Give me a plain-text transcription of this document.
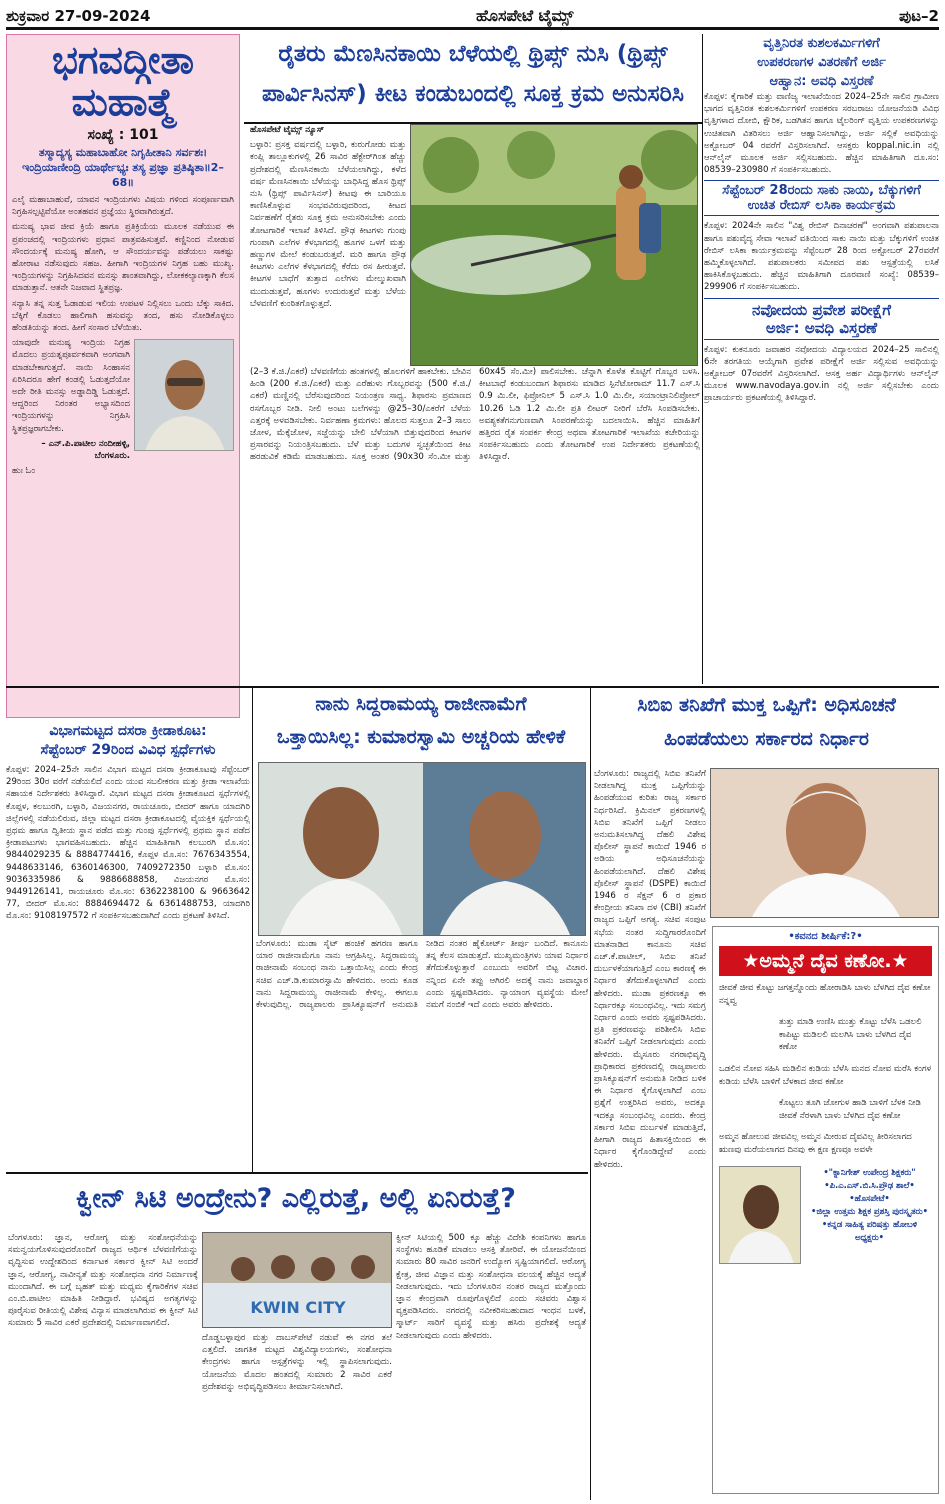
ಶುಕ್ರವಾರ 27-09-2024	ಹೊಸಪೇಟೆ ಟೈಮ್ಸ್	ಪುಟ–2
ಭಗವದ್ಗೀತಾ
ಮಹಾತ್ಮೆ
ಸಂಖ್ಯೆ : 101
ತಸ್ಮಾದ್ಯಸ್ಯ ಮಹಾಬಾಹೋ ನಿಗೃಹೀತಾನಿ ಸರ್ವಶಃ। ಇಂದ್ರಿಯಾಣೀಂದ್ರಿ ಯಾರ್ಥೇಭ್ಯಃ ತಸ್ಯ ಪ್ರಜ್ಞಾ ಪ್ರತಿಷ್ಠಿತಾ॥2–68॥

ಎಲೈ ಮಹಾಬಾಹುವೆ, ಯಾವನ ಇಂದ್ರಿಯಗಳು ವಿಷಯ ಗಳಿಂದ ಸಂಪೂರ್ಣವಾಗಿ ನಿಗ್ರಹಿಸಲ್ಪಟ್ಟಿವೆಯೋ ಅಂತಹವನ ಪ್ರಜ್ಞೆಯು ಸ್ಥಿರವಾಗಿರುತ್ತದೆ.

ಮನುಷ್ಯ ಭಾವ ಜೀವ ಕ್ರಿಯೆ ಹಾಗೂ ಪ್ರತಿಕ್ರಿಯೆಯ ಮೂಲಕ ನಡೆಯುವ ಈ ಪ್ರಪಂಚದಲ್ಲಿ ಇಂದ್ರಿಯಗಳು ಪ್ರಧಾನ ಪಾತ್ರವಹಿಸುತ್ತವೆ. ಕಣ್ಣಿನಿಂದ ನೋಡುವ ಸೌಂದರ್ಯಕ್ಕೆ ಮನುಷ್ಯ ಹೋಗಿ, ಆ ಸೌಂದರ್ಯವನ್ನು ಪಡೆಯಲು ಸಾಕಷ್ಟು ಹೋರಾಟ ನಡೆಸುವುದು ಸಹಜ. ಹೀಗಾಗಿ ಇಂದ್ರಿಯಗಳ ನಿಗ್ರಹ ಬಹು ಮುಖ್ಯ. ಇಂದ್ರಿಯಗಳನ್ನು ನಿಗ್ರಹಿಸಿದವನ ಮನಸ್ಸು ಶಾಂತವಾಗಿದ್ದು, ಲೋಕಕಲ್ಯಾಣಕ್ಕಾಗಿ ಕೆಲಸ ಮಾಡುತ್ತಾನೆ. ಆತನೇ ನಿಜವಾದ ಸ್ಥಿತಪ್ರಜ್ಞ.

ಸನ್ಯಾಸಿ ತನ್ನ ಸುತ್ತ ಓಡಾಡುವ ಇಲಿಯ ಉಪಟಳ ನಿಲ್ಲಿಸಲು ಒಂದು ಬೆಕ್ಕು ಸಾಕಿದ. ಬೆಕ್ಕಿಗೆ ಕೊಡಲು ಹಾಲಿಗಾಗಿ ಹಸುವನ್ನು ತಂದ, ಹಸು ನೋಡಿಕೊಳ್ಳಲು ಹೆಂಡತಿಯನ್ನು ತಂದ. ಹೀಗೆ ಸಂಸಾರ ಬೆಳೆಯಿತು.

ಯಾವುದೇ ಮನುಷ್ಯ ಇಂದ್ರಿಯ ನಿಗ್ರಹ ಮೊದಲು ಪ್ರಯತ್ನಪೂರ್ವಕವಾಗಿ ಅಂಗವಾಗಿ ಮಾಡಬೇಕಾಗುತ್ತದೆ. ನಾಯಿ ಸಿಂಹಾಸನ ಏರಿಸಿದರೂ ಹೇಗೆ ಕಂಡಲ್ಲಿ ಓಡುತ್ತದೆಯೋ ಅದೇ ರೀತಿ ಮನಸ್ಸು ಅಡ್ಡಾದಿಡ್ಡಿ ಓಡುತ್ತದೆ. ಆದ್ದರಿಂದ ನಿರಂತರ ಅಭ್ಯಾಸದಿಂದ ಇಂದ್ರಿಯಗಳನ್ನು ನಿಗ್ರಹಿಸಿ ಸ್ಥಿತಪ್ರಜ್ಞರಾಗಬೇಕು.

– ಎನ್.ಪಿ.ಪಾಟೀಲ ನಂದೀಹಳ್ಳಿ, ಬೆಂಗಳೂರು.

ಹುಃ ಓಂ

ರೈತರು ಮೆಣಸಿನಕಾಯಿ ಬೆಳೆಯಲ್ಲಿ ಥ್ರಿಪ್ಸ್ ನುಸಿ (ಥ್ರಿಪ್ಸ್
ಪಾರ್ವಿಸಿನಸ್) ಕೀಟ ಕಂಡುಬಂದಲ್ಲಿ ಸೂಕ್ತ ಕ್ರಮ ಅನುಸರಿಸಿ

ಹೊಸಪೇಟೆ ಟೈಮ್ಸ್ ನ್ಯೂಸ್

ಬಳ್ಳಾರಿ: ಪ್ರಸಕ್ತ ವರ್ಷದಲ್ಲಿ ಬಳ್ಳಾರಿ, ಕುರುಗೋಡು ಮತ್ತು ಕಂಪ್ಲಿ ತಾಲ್ಲೂಕುಗಳಲ್ಲಿ 26 ಸಾವಿರ ಹೆಕ್ಟೇರ್‌ಗಿಂತ ಹೆಚ್ಚು ಪ್ರದೇಶದಲ್ಲಿ ಮೆಣಸಿನಕಾಯಿ ಬೆಳೆಯಲಾಗಿದ್ದು, ಕಳೆದ ವರ್ಷ ಮೆಣಸಿನಕಾಯಿ ಬೆಳೆಯನ್ನು ಬಾಧಿಸಿದ್ದ ಹೊಸ ಥ್ರಿಪ್ಸ್ ನುಸಿ (ಥ್ರಿಪ್ಸ್ ಪಾರ್ವಿಸಿನಸ್) ಕೀಟವು ಈ ಬಾರಿಯೂ ಕಾಣಿಸಿಕೊಳ್ಳುವ ಸಂಭವವಿರುವುದರಿಂದ, ಕೀಟದ ನಿರ್ವಹಣೆಗೆ ರೈತರು ಸೂಕ್ತ ಕ್ರಮ ಅನುಸರಿಸಬೇಕು ಎಂದು ತೋಟಗಾರಿಕೆ ಇಲಾಖೆ ತಿಳಿಸಿದೆ. ಪ್ರೌಢ ಕೀಟಗಳು ಗುಂಪು ಗುಂಪಾಗಿ ಎಲೆಗಳ ಕೆಳಭಾಗದಲ್ಲಿ ಹೂಗಳ ಒಳಗೆ ಮತ್ತು ಹಣ್ಣುಗಳ ಮೇಲೆ ಕಂಡುಬರುತ್ತವೆ. ಮರಿ ಹಾಗೂ ಪ್ರೌಢ ಕೀಟಗಳು ಎಲೆಗಳ ಕೆಳಭಾಗದಲ್ಲಿ ಕೆರೆದು ರಸ ಹೀರುತ್ತವೆ. ಕೀಟಗಳ ಬಾಧೆಗೆ ತುತ್ತಾದ ಎಲೆಗಳು ಮೇಲ್ಮುಖವಾಗಿ ಮುದುಡುತ್ತವೆ, ಹೂಗಳು ಉದುರುತ್ತವೆ ಮತ್ತು ಬೆಳೆಯ ಬೆಳವಣಿಗೆ ಕುಂಠಿತಗೊಳ್ಳುತ್ತದೆ.

(2–3 ಕೆ.ಜಿ./ಎಕರೆ) ಬೆಳವಣಿಗೆಯ ಹಂತಗಳಲ್ಲಿ ಹೊಲಗಳಿಗೆ ಹಾಕಬೇಕು. ಬೇವಿನ ಹಿಂಡಿ (200 ಕೆ.ಜಿ./ಎಕರೆ) ಮತ್ತು ಎರೆಹುಳು ಗೊಬ್ಬರವನ್ನು (500 ಕೆ.ಜಿ./ಎಕರೆ) ಮಣ್ಣಿನಲ್ಲಿ ಬೆರೆಸುವುದರಿಂದ ನಿಯಂತ್ರಣ ಸಾಧ್ಯ. ಶಿಫಾರಸು ಪ್ರಮಾಣದ ರಸಗೊಬ್ಬರ ನೀಡಿ. ನೀಲಿ ಅಂಟು ಬಲೆಗಳನ್ನು @25–30/ಎಕರೆಗೆ ಬೆಳೆಯ ಎತ್ತರಕ್ಕೆ ಅಳವಡಿಸಬೇಕು. ನಿರ್ವಹಣಾ ಕ್ರಮಗಳು: ಹೊಲದ ಸುತ್ತಲೂ 2–3 ಸಾಲು ಜೋಳ, ಮೆಕ್ಕೆಜೋಳ, ಸಜ್ಜೆಯನ್ನು ಬೇಲಿ ಬೆಳೆಯಾಗಿ ಬಿತ್ತುವುದರಿಂದ ಕೀಟಗಳ ಪ್ರಸಾರವನ್ನು ನಿಯಂತ್ರಿಸಬಹುದು. ಬೆಳೆ ಮತ್ತು ಬದುಗಳ ಸ್ವಚ್ಛತೆಯಿಂದ ಕೀಟ ಹರಡುವಿಕೆ ಕಡಿಮೆ ಮಾಡಬಹುದು. ಸೂಕ್ತ ಅಂತರ (90x30 ಸೆಂ.ಮೀ ಮತ್ತು 60x45 ಸೆಂ.ಮೀ) ಪಾಲಿಸಬೇಕು. ಚೆನ್ನಾಗಿ ಕೊಳೆತ ಕೊಟ್ಟಿಗೆ ಗೊಬ್ಬರ ಬಳಸಿ. ಕೀಟಬಾಧೆ ಕಂಡುಬಂದಾಗ ಶಿಫಾರಸು ಮಾಡಿದ ಸ್ಪಿನೆಟೋರಾಮ್ 11.7 ಎಸ್.ಸಿ 0.9 ಮಿ.ಲೀ, ಫಿಪ್ರೋನಿಲ್ 5 ಎಸ್.ಸಿ 1.0 ಮಿ.ಲೀ, ಸಯಾಂಟ್ರಾನಿಲಿಪ್ರೋಲ್ 10.26 ಓಡಿ 1.2 ಮಿ.ಲೀ ಪ್ರತಿ ಲೀಟರ್ ನೀರಿಗೆ ಬೆರೆಸಿ ಸಿಂಪಡಿಸಬೇಕು. ಅವಶ್ಯಕತೆಗನುಗುಣವಾಗಿ ಸಿಂಪರಣೆಯನ್ನು ಬದಲಾಯಿಸಿ. ಹೆಚ್ಚಿನ ಮಾಹಿತಿಗೆ ಹತ್ತಿರದ ರೈತ ಸಂಪರ್ಕ ಕೇಂದ್ರ ಅಥವಾ ತೋಟಗಾರಿಕೆ ಇಲಾಖೆಯ ಕಚೇರಿಯನ್ನು ಸಂಪರ್ಕಿಸಬಹುದು ಎಂದು ತೋಟಗಾರಿಕೆ ಉಪ ನಿರ್ದೇಶಕರು ಪ್ರಕಟಣೆಯಲ್ಲಿ ತಿಳಿಸಿದ್ದಾರೆ.

ವೃತ್ತಿನಿರತ ಕುಶಲಕರ್ಮಿಗಳಿಗೆ
ಉಪಕರಣಗಳ ವಿತರಣೆಗೆ ಅರ್ಜಿ
ಆಹ್ವಾನ: ಅವಧಿ ವಿಸ್ತರಣೆ

ಕೊಪ್ಪಳ: ಕೈಗಾರಿಕೆ ಮತ್ತು ವಾಣಿಜ್ಯ ಇಲಾಖೆಯಿಂದ 2024–25ನೇ ಸಾಲಿನ ಗ್ರಾಮೀಣ ಭಾಗದ ವೃತ್ತಿನಿರತ ಕುಶಲಕರ್ಮಿಗಳಿಗೆ ಉಪಕರಣ ಸರಬರಾಜು ಯೋಜನೆಯಡಿ ವಿವಿಧ ವೃತ್ತಿಗಳಾದ ದೋಬಿ, ಕ್ಷೌರಿಕ, ಬಡಗಿತನ ಹಾಗೂ ಟೈಲರಿಂಗ್ ವೃತ್ತಿಯ ಉಪಕರಣಗಳನ್ನು ಉಚಿತವಾಗಿ ವಿತರಿಸಲು ಅರ್ಜಿ ಆಹ್ವಾನಿಸಲಾಗಿದ್ದು, ಅರ್ಜಿ ಸಲ್ಲಿಕೆ ಅವಧಿಯನ್ನು ಅಕ್ಟೋಬರ್ 04 ರವರೆಗೆ ವಿಸ್ತರಿಸಲಾಗಿದೆ. ಆಸಕ್ತರು koppal.nic.in ನಲ್ಲಿ ಆನ್‌ಲೈನ್ ಮೂಲಕ ಅರ್ಜಿ ಸಲ್ಲಿಸಬಹುದು. ಹೆಚ್ಚಿನ ಮಾಹಿತಿಗಾಗಿ ದೂ.ಸಂ: 08539–230980 ಗೆ ಸಂಪರ್ಕಿಸಬಹುದು.

ಸೆಪ್ಟೆಂಬರ್ 28ರಂದು ಸಾಕು ನಾಯಿ, ಬೆಕ್ಕುಗಳಿಗೆ
ಉಚಿತ ರೇಬಿಸ್ ಲಸಿಕಾ ಕಾರ್ಯಕ್ರಮ

ಕೊಪ್ಪಳ: 2024ನೇ ಸಾಲಿನ "ವಿಶ್ವ ರೇಬಿಸ್ ದಿನಾಚರಣೆ" ಅಂಗವಾಗಿ ಪಶುಪಾಲನಾ ಹಾಗೂ ಪಶುವೈದ್ಯ ಸೇವಾ ಇಲಾಖೆ ವತಿಯಿಂದ ಸಾಕು ನಾಯಿ ಮತ್ತು ಬೆಕ್ಕುಗಳಿಗೆ ಉಚಿತ ರೇಬಿಸ್ ಲಸಿಕಾ ಕಾರ್ಯಕ್ರಮವನ್ನು ಸೆಪ್ಟೆಂಬರ್ 28 ರಿಂದ ಅಕ್ಟೋಬರ್ 27ರವರೆಗೆ ಹಮ್ಮಿಕೊಳ್ಳಲಾಗಿದೆ. ಪಶುಪಾಲಕರು ಸಮೀಪದ ಪಶು ಆಸ್ಪತ್ರೆಯಲ್ಲಿ ಲಸಿಕೆ ಹಾಕಿಸಿಕೊಳ್ಳಬಹುದು. ಹೆಚ್ಚಿನ ಮಾಹಿತಿಗಾಗಿ ದೂರವಾಣಿ ಸಂಖ್ಯೆ: 08539–299906 ಗೆ ಸಂಪರ್ಕಿಸಬಹುದು.

ನವೋದಯ ಪ್ರವೇಶ ಪರೀಕ್ಷೆಗೆ
ಅರ್ಜಿ: ಅವಧಿ ವಿಸ್ತರಣೆ

ಕೊಪ್ಪಳ: ಕುಕನೂರು ಜವಾಹರ ನವೋದಯ ವಿದ್ಯಾಲಯದ 2024–25 ಸಾಲಿನಲ್ಲಿ 6ನೇ ತರಗತಿಯ ಆಯ್ಕೆಗಾಗಿ ಪ್ರವೇಶ ಪರೀಕ್ಷೆಗೆ ಅರ್ಜಿ ಸಲ್ಲಿಸುವ ಅವಧಿಯನ್ನು ಅಕ್ಟೋಬರ್ 07ರವರೆಗೆ ವಿಸ್ತರಿಸಲಾಗಿದೆ. ಆಸಕ್ತ ಅರ್ಹ ವಿದ್ಯಾರ್ಥಿಗಳು ಆನ್‌ಲೈನ್ ಮೂಲಕ www.navodaya.gov.in ನಲ್ಲಿ ಅರ್ಜಿ ಸಲ್ಲಿಸಬೇಕು ಎಂದು ಪ್ರಾಚಾರ್ಯರು ಪ್ರಕಟಣೆಯಲ್ಲಿ ತಿಳಿಸಿದ್ದಾರೆ.

ವಿಭಾಗಮಟ್ಟದ ದಸರಾ ಕ್ರೀಡಾಕೂಟ:
ಸೆಪ್ಟೆಂಬರ್ 29ರಿಂದ ವಿವಿಧ ಸ್ಪರ್ಧೆಗಳು

ಕೊಪ್ಪಳ: 2024–25ನೇ ಸಾಲಿನ ವಿಭಾಗ ಮಟ್ಟದ ದಸರಾ ಕ್ರೀಡಾಕೂಟವು ಸೆಪ್ಟೆಂಬರ್ 29ರಿಂದ 30ರ ವರೆಗೆ ನಡೆಯಲಿದೆ ಎಂದು ಯುವ ಸಬಲೀಕರಣ ಮತ್ತು ಕ್ರೀಡಾ ಇಲಾಖೆಯ ಸಹಾಯಕ ನಿರ್ದೇಶಕರು ತಿಳಿಸಿದ್ದಾರೆ. ವಿಭಾಗ ಮಟ್ಟದ ದಸರಾ ಕ್ರೀಡಾಕೂಟದ ಸ್ಪರ್ಧೆಗಳಲ್ಲಿ ಕೊಪ್ಪಳ, ಕಲಬುರಗಿ, ಬಳ್ಳಾರಿ, ವಿಜಯನಗರ, ರಾಯಚೂರು, ಬೀದರ್ ಹಾಗೂ ಯಾದಗಿರಿ ಜಿಲ್ಲೆಗಳಲ್ಲಿ ನಡೆಯಲಿರುವ, ಜಿಲ್ಲಾ ಮಟ್ಟದ ದಸರಾ ಕ್ರೀಡಾಕೂಟದಲ್ಲಿ ವೈಯಕ್ತಿಕ ಸ್ಪರ್ಧೆಯಲ್ಲಿ ಪ್ರಥಮ ಹಾಗೂ ದ್ವಿತೀಯ ಸ್ಥಾನ ಪಡೆದ ಮತ್ತು ಗುಂಪು ಸ್ಪರ್ಧೆಗಳಲ್ಲಿ ಪ್ರಥಮ ಸ್ಥಾನ ಪಡೆದ ಕ್ರೀಡಾಪಟುಗಳು ಭಾಗವಹಿಸಬಹುದು. ಹೆಚ್ಚಿನ ಮಾಹಿತಿಗಾಗಿ ಕಲಬುರಗಿ ಮೊ.ಸಂ: 9844029235 & 8884774416, ಕೊಪ್ಪಳ ಮೊ.ಸಂ: 7676343554, 9448633146, 6360146300, 7409272350 ಬಳ್ಳಾರಿ ಮೊ.ಸಂ: 9036335986 & 9886688858, ವಿಜಯನಗರ ಮೊ.ಸಂ: 9449126141, ರಾಯಚೂರು ಮೊ.ಸಂ: 6362238100 & 9663642 77, ಬೀದರ್ ಮೊ.ಸಂ: 8884694472 & 6361488753, ಯಾದಗಿರಿ ಮೊ.ಸಂ: 9108197572 ಗೆ ಸಂಪರ್ಕಿಸಬಹುದಾಗಿದೆ ಎಂದು ಪ್ರಕಟಣೆ ತಿಳಿಸಿದೆ.

ನಾನು ಸಿದ್ದರಾಮಯ್ಯ ರಾಜೀನಾಮೆಗೆ
ಒತ್ತಾಯಿಸಿಲ್ಲ: ಕುಮಾರಸ್ವಾಮಿ ಅಚ್ಚರಿಯ ಹೇಳಿಕೆ

ಬೆಂಗಳೂರು: ಮುಡಾ ಸೈಟ್ ಹಂಚಿಕೆ ಹಗರಣ ಹಾಗೂ ಯಾರ ರಾಜೀನಾಮೆಗೂ ನಾನು ಆಗ್ರಹಿಸಿಲ್ಲ. ಸಿದ್ದರಾಮಯ್ಯ ರಾಜೀನಾಮೆ ಸಂಬಂಧ ನಾನು ಒತ್ತಾಯಿಸಿಲ್ಲ ಎಂದು ಕೇಂದ್ರ ಸಚಿವ ಎಚ್.ಡಿ.ಕುಮಾರಸ್ವಾಮಿ ಹೇಳಿದರು. ಅಂದು ಕೂಡ ನಾನು ಸಿದ್ದರಾಮಯ್ಯ ರಾಜೀನಾಮೆ ಕೇಳಿಲ್ಲ. ಈಗಲೂ ಕೇಳುವುದಿಲ್ಲ. ರಾಜ್ಯಪಾಲರು ಪ್ರಾಸಿಕ್ಯೂಷನ್‌ಗೆ ಅನುಮತಿ ನೀಡಿದ ನಂತರ ಹೈಕೋರ್ಟ್ ತೀರ್ಪು ಬಂದಿದೆ. ಕಾನೂನು ತನ್ನ ಕೆಲಸ ಮಾಡುತ್ತದೆ. ಮುಖ್ಯಮಂತ್ರಿಗಳು ಯಾವ ನಿರ್ಧಾರ ತೆಗೆದುಕೊಳ್ಳುತ್ತಾರೆ ಎಂಬುದು ಅವರಿಗೆ ಬಿಟ್ಟ ವಿಚಾರ. ನನ್ನಿಂದ ಏನೇ ತಪ್ಪು ಆಗಿರಲಿ ಅದಕ್ಕೆ ನಾನು ಜವಾಬ್ದಾರ ಎಂದು ಸ್ಪಷ್ಟಪಡಿಸಿದರು. ನ್ಯಾಯಾಂಗ ವ್ಯವಸ್ಥೆಯ ಮೇಲೆ ನಮಗೆ ನಂಬಿಕೆ ಇದೆ ಎಂದು ಅವರು ಹೇಳಿದರು.

ಸಿಬಿಐ ತನಿಖೆಗೆ ಮುಕ್ತ ಒಪ್ಪಿಗೆ: ಅಧಿಸೂಚನೆ
ಹಿಂಪಡೆಯಲು ಸರ್ಕಾರದ ನಿರ್ಧಾರ

ಬೆಂಗಳೂರು: ರಾಜ್ಯದಲ್ಲಿ ಸಿಬಿಐ ತನಿಖೆಗೆ ನೀಡಲಾಗಿದ್ದ ಮುಕ್ತ ಒಪ್ಪಿಗೆಯನ್ನು ಹಿಂಪಡೆಯುವ ಕುರಿತು ರಾಜ್ಯ ಸರ್ಕಾರ ನಿರ್ಧರಿಸಿದೆ. ಕ್ರಿಮಿನಲ್ ಪ್ರಕರಣಗಳಲ್ಲಿ ಸಿಬಿಐ ತನಿಖೆಗೆ ಒಪ್ಪಿಗೆ ನೀಡಲು ಅನುಮತಿಸಲಾಗಿದ್ದ ದೆಹಲಿ ವಿಶೇಷ ಪೊಲೀಸ್ ಸ್ಥಾಪನೆ ಕಾಯಿದೆ 1946 ರ ಅಡಿಯ ಅಧಿಸೂಚನೆಯನ್ನು ಹಿಂಪಡೆಯಲಾಗಿದೆ. ದೆಹಲಿ ವಿಶೇಷ ಪೊಲೀಸ್ ಸ್ಥಾಪನೆ (DSPE) ಕಾಯಿದೆ 1946 ರ ಸೆಕ್ಷನ್ 6 ರ ಪ್ರಕಾರ ಕೇಂದ್ರೀಯ ತನಿಖಾ ದಳ (CBI) ತನಿಖೆಗೆ ರಾಜ್ಯದ ಒಪ್ಪಿಗೆ ಅಗತ್ಯ. ಸಚಿವ ಸಂಪುಟ ಸಭೆಯ ನಂತರ ಸುದ್ದಿಗಾರರೊಂದಿಗೆ ಮಾತನಾಡಿದ ಕಾನೂನು ಸಚಿವ ಎಚ್.ಕೆ.ಪಾಟೀಲ್, ಸಿಬಿಐ ತನಿಖೆ ದುರ್ಬಳಕೆಯಾಗುತ್ತಿದೆ ಎಂಬ ಕಾರಣಕ್ಕೆ ಈ ನಿರ್ಧಾರ ತೆಗೆದುಕೊಳ್ಳಲಾಗಿದೆ ಎಂದು ಹೇಳಿದರು. ಮುಡಾ ಪ್ರಕರಣಕ್ಕೂ ಈ ನಿರ್ಧಾರಕ್ಕೂ ಸಂಬಂಧವಿಲ್ಲ. ಇದು ಸಮಗ್ರ ನಿರ್ಧಾರ ಎಂದು ಅವರು ಸ್ಪಷ್ಟಪಡಿಸಿದರು. ಪ್ರತಿ ಪ್ರಕರಣವನ್ನು ಪರಿಶೀಲಿಸಿ ಸಿಬಿಐ ತನಿಖೆಗೆ ಒಪ್ಪಿಗೆ ನೀಡಲಾಗುವುದು ಎಂದು ಹೇಳಿದರು. ಮೈಸೂರು ನಗರಾಭಿವೃದ್ಧಿ ಪ್ರಾಧಿಕಾರದ ಪ್ರಕರಣದಲ್ಲಿ ರಾಜ್ಯಪಾಲರು ಪ್ರಾಸಿಕ್ಯೂಷನ್‌ಗೆ ಅನುಮತಿ ನೀಡಿದ ಬಳಿಕ ಈ ನಿರ್ಧಾರ ಕೈಗೊಳ್ಳಲಾಗಿದೆ ಎಂಬ ಪ್ರಶ್ನೆಗೆ ಉತ್ತರಿಸಿದ ಅವರು, ಅದಕ್ಕೂ ಇದಕ್ಕೂ ಸಂಬಂಧವಿಲ್ಲ ಎಂದರು. ಕೇಂದ್ರ ಸರ್ಕಾರ ಸಿಬಿಐ ದುರ್ಬಳಕೆ ಮಾಡುತ್ತಿದೆ, ಹೀಗಾಗಿ ರಾಜ್ಯದ ಹಿತಾಸಕ್ತಿಯಿಂದ ಈ ನಿರ್ಧಾರ ಕೈಗೊಂಡಿದ್ದೇವೆ ಎಂದು ಹೇಳಿದರು.

•ಕವನದ ಶೀರ್ಷಿಕೆ:?•
★ಅಮ್ಮನೆ ದೈವ ಕಣೋ.★
ಜೀವಕೆ ಜೀವ ಕೊಟ್ಟು ಜಗತ್ತನ್ನೊಂದು ಹೋರಾಡಿಸಿ ಬಾಳು ಬೆಳಗಿದ ದೈವ ಕಣೋ ನನ್ನವ್ವ
ತುತ್ತು ಮಾಡಿ ಉಣಿಸಿ ಮುತ್ತು ಕೊಟ್ಟು ಬೆಳೆಸಿ ಒಡಲಲಿ ಕಾಪಿಟ್ಟು ಮಡಿಲಲಿ ಮಲಗಿಸಿ ಬಾಳು ಬೆಳಗಿದ ದೈವ ಕಣೋ
ಒಡಲಿನ ನೋವ ಸಹಿಸಿ ಮಡಿಲಿನ ಕುಡಿಯ ಬೆಳೆಸಿ ಮನದ ನೋವ ಮರೆಸಿ ಕಂಗಳ ಕುಡಿಯ ಬೆಳೆಸಿ ಬಾಳಿಗೆ ಬೆಳಕಾದ ಜೀವ ಕಣೋ
ಕೊಟ್ಟಲು ತೂಗಿ ಜೋಗುಳ ಹಾಡಿ ಬಾಳಿಗೆ ಬೆಳಕ ನೀಡಿ ಜೀವಕೆ ನೆರಳಾಗಿ ಬಾಳು ಬೆಳಗಿದ ದೈವ ಕಣೋ
ಅಮ್ಮನ ಹೋಲುವ ಜೀವವಿಲ್ಲ ಅಮ್ಮನ ಮೀರುವ ದೈವವಿಲ್ಲ ತೀರಿಸಲಾಗದ ಋಣವು ಮರೆಯಲಾಗದ ದಿನವು ಈ ಕ್ಷಣ ಕ್ಷಣವೂ ಅವಳೇ
•"ಕ್ನಾನಿಗೇಶ್ ಉಪೇಂದ್ರ ಶಿಕ್ಷಕರು"
•ಪಿ.ಎ.ಎಸ್.ಬಿ.ಸಿ.ಪ್ರೌಢ ಶಾಲೆ•
•ಹೊಸಪೇಟೆ•
•ಜಿಲ್ಲಾ ಉತ್ತಮ ಶಿಕ್ಷಕ ಪ್ರಶಸ್ತಿ ಪುರಸ್ಕೃತರು•
•ಕನ್ನಡ ಸಾಹಿತ್ಯ ಪರಿಷತ್ತು ಹೋಬಳಿ ಅಧ್ಯಕ್ಷರು•
ಕ್ವೀನ್ ಸಿಟಿ ಅಂದ್ರೇನು? ಎಲ್ಲಿರುತ್ತೆ, ಅಲ್ಲಿ ಏನಿರುತ್ತೆ?

ಬೆಂಗಳೂರು: ಜ್ಞಾನ, ಆರೋಗ್ಯ ಮತ್ತು ಸಂಶೋಧನೆಯನ್ನು ಸಮನ್ವಯಗೊಳಿಸುವುದರೊಂದಿಗೆ ರಾಜ್ಯದ ಆರ್ಥಿಕ ಬೆಳವಣಿಗೆಯನ್ನು ವೃದ್ಧಿಸುವ ಉದ್ದೇಶದಿಂದ ಕರ್ನಾಟಕ ಸರ್ಕಾರ ಕ್ವೀನ್ ಸಿಟಿ ಅಂದರೆ ಜ್ಞಾನ, ಆರೋಗ್ಯ, ನಾವೀನ್ಯತೆ ಮತ್ತು ಸಂಶೋಧನಾ ನಗರ ನಿರ್ಮಾಣಕ್ಕೆ ಮುಂದಾಗಿದೆ. ಈ ಬಗ್ಗೆ ಬೃಹತ್ ಮತ್ತು ಮಧ್ಯಮ ಕೈಗಾರಿಕೆಗಳ ಸಚಿವ ಎಂ.ಬಿ.ಪಾಟೀಲ ಮಾಹಿತಿ ನೀಡಿದ್ದಾರೆ. ಭವಿಷ್ಯದ ಅಗತ್ಯಗಳನ್ನು ಪೂರೈಸುವ ರೀತಿಯಲ್ಲಿ ವಿಶೇಷ ವಿನ್ಯಾಸ ಮಾಡಲಾಗಿರುವ ಈ ಕ್ವೀನ್ ಸಿಟಿ ಸುಮಾರು 5 ಸಾವಿರ ಎಕರೆ ಪ್ರದೇಶದಲ್ಲಿ ನಿರ್ಮಾಣವಾಗಲಿದೆ.

KWIN CITY

ದೊಡ್ಡಬಳ್ಳಾಪುರ ಮತ್ತು ದಾಬಸ್‌ಪೇಟೆ ನಡುವೆ ಈ ನಗರ ತಲೆ ಎತ್ತಲಿದೆ. ಜಾಗತಿಕ ಮಟ್ಟದ ವಿಶ್ವವಿದ್ಯಾಲಯಗಳು, ಸಂಶೋಧನಾ ಕೇಂದ್ರಗಳು ಹಾಗೂ ಆಸ್ಪತ್ರೆಗಳನ್ನು ಇಲ್ಲಿ ಸ್ಥಾಪಿಸಲಾಗುವುದು. ಯೋಜನೆಯ ಮೊದಲ ಹಂತದಲ್ಲಿ ಸುಮಾರು 2 ಸಾವಿರ ಎಕರೆ ಪ್ರದೇಶವನ್ನು ಅಭಿವೃದ್ಧಿಪಡಿಸಲು ತೀರ್ಮಾನಿಸಲಾಗಿದೆ.

ಕ್ವೀನ್ ಸಿಟಿಯಲ್ಲಿ 500 ಕ್ಕೂ ಹೆಚ್ಚು ವಿದೇಶಿ ಕಂಪನಿಗಳು ಹಾಗೂ ಸಂಸ್ಥೆಗಳು ಹೂಡಿಕೆ ಮಾಡಲು ಆಸಕ್ತಿ ತೋರಿವೆ. ಈ ಯೋಜನೆಯಿಂದ ಸುಮಾರು 80 ಸಾವಿರ ಜನರಿಗೆ ಉದ್ಯೋಗ ಸೃಷ್ಟಿಯಾಗಲಿದೆ. ಆರೋಗ್ಯ ಕ್ಷೇತ್ರ, ಜೀವ ವಿಜ್ಞಾನ ಮತ್ತು ಸಂಶೋಧನಾ ವಲಯಕ್ಕೆ ಹೆಚ್ಚಿನ ಆದ್ಯತೆ ನೀಡಲಾಗುವುದು. ಇದು ಬೆಂಗಳೂರಿನ ನಂತರ ರಾಜ್ಯದ ಮತ್ತೊಂದು ಜ್ಞಾನ ಕೇಂದ್ರವಾಗಿ ರೂಪುಗೊಳ್ಳಲಿದೆ ಎಂದು ಸಚಿವರು ವಿಶ್ವಾಸ ವ್ಯಕ್ತಪಡಿಸಿದರು. ನಗರದಲ್ಲಿ ನವೀಕರಿಸಬಹುದಾದ ಇಂಧನ ಬಳಕೆ, ಸ್ಮಾರ್ಟ್ ಸಾರಿಗೆ ವ್ಯವಸ್ಥೆ ಮತ್ತು ಹಸಿರು ಪ್ರದೇಶಕ್ಕೆ ಆದ್ಯತೆ ನೀಡಲಾಗುವುದು ಎಂದು ಹೇಳಿದರು.
